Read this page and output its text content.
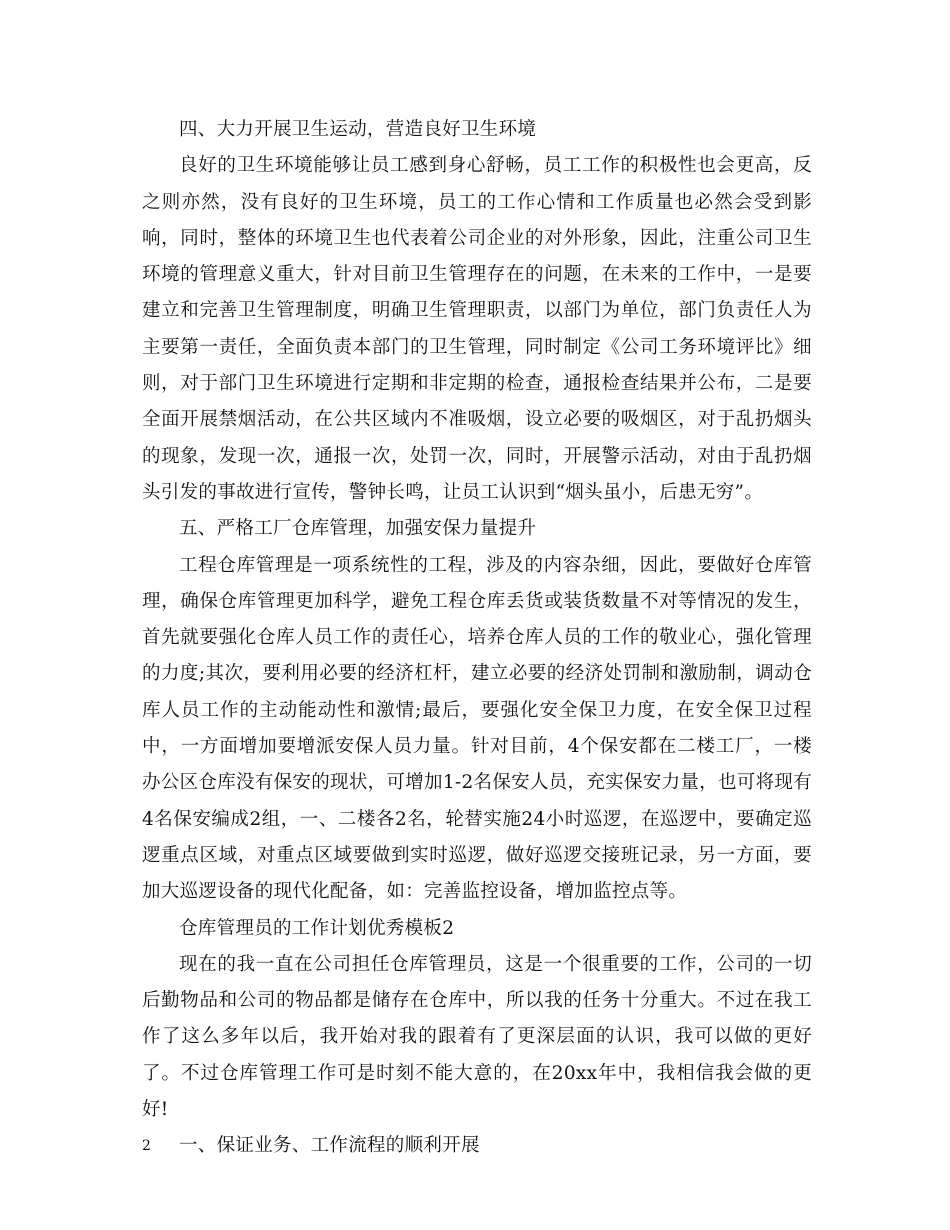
四、大力开展卫生运动，营造良好卫生环境

良好的卫生环境能够让员工感到身心舒畅，员工工作的积极性也会更高，反之则亦然，没有良好的卫生环境，员工的工作心情和工作质量也必然会受到影响，同时，整体的环境卫生也代表着公司企业的对外形象，因此，注重公司卫生环境的管理意义重大，针对目前卫生管理存在的问题，在未来的工作中，一是要建立和完善卫生管理制度，明确卫生管理职责，以部门为单位，部门负责任人为主要第一责任，全面负责本部门的卫生管理，同时制定《公司工务环境评比》细则，对于部门卫生环境进行定期和非定期的检查，通报检查结果并公布，二是要全面开展禁烟活动，在公共区域内不准吸烟，设立必要的吸烟区，对于乱扔烟头的现象，发现一次，通报一次，处罚一次，同时，开展警示活动，对由于乱扔烟头引发的事故进行宣传，警钟长鸣，让员工认识到“烟头虽小，后患无穷”。

五、严格工厂仓库管理，加强安保力量提升

工程仓库管理是一项系统性的工程，涉及的内容杂细，因此，要做好仓库管理，确保仓库管理更加科学，避免工程仓库丢货或装货数量不对等情况的发生，首先就要强化仓库人员工作的责任心，培养仓库人员的工作的敬业心，强化管理的力度;其次，要利用必要的经济杠杆，建立必要的经济处罚制和激励制，调动仓库人员工作的主动能动性和激情;最后，要强化安全保卫力度，在安全保卫过程中，一方面增加要增派安保人员力量。针对目前，4个保安都在二楼工厂，一楼办公区仓库没有保安的现状，可增加1-2名保安人员，充实保安力量，也可将现有4名保安编成2组，一、二楼各2名，轮替实施24小时巡逻，在巡逻中，要确定巡逻重点区域，对重点区域要做到实时巡逻，做好巡逻交接班记录，另一方面，要加大巡逻设备的现代化配备，如：完善监控设备，增加监控点等。

仓库管理员的工作计划优秀模板2

现在的我一直在公司担任仓库管理员，这是一个很重要的工作，公司的一切后勤物品和公司的物品都是储存在仓库中，所以我的任务十分重大。不过在我工作了这么多年以后，我开始对我的跟着有了更深层面的认识，我可以做的更好了。不过仓库管理工作可是时刻不能大意的，在20xx年中，我相信我会做的更好!

一、保证业务、工作流程的顺利开展

2
